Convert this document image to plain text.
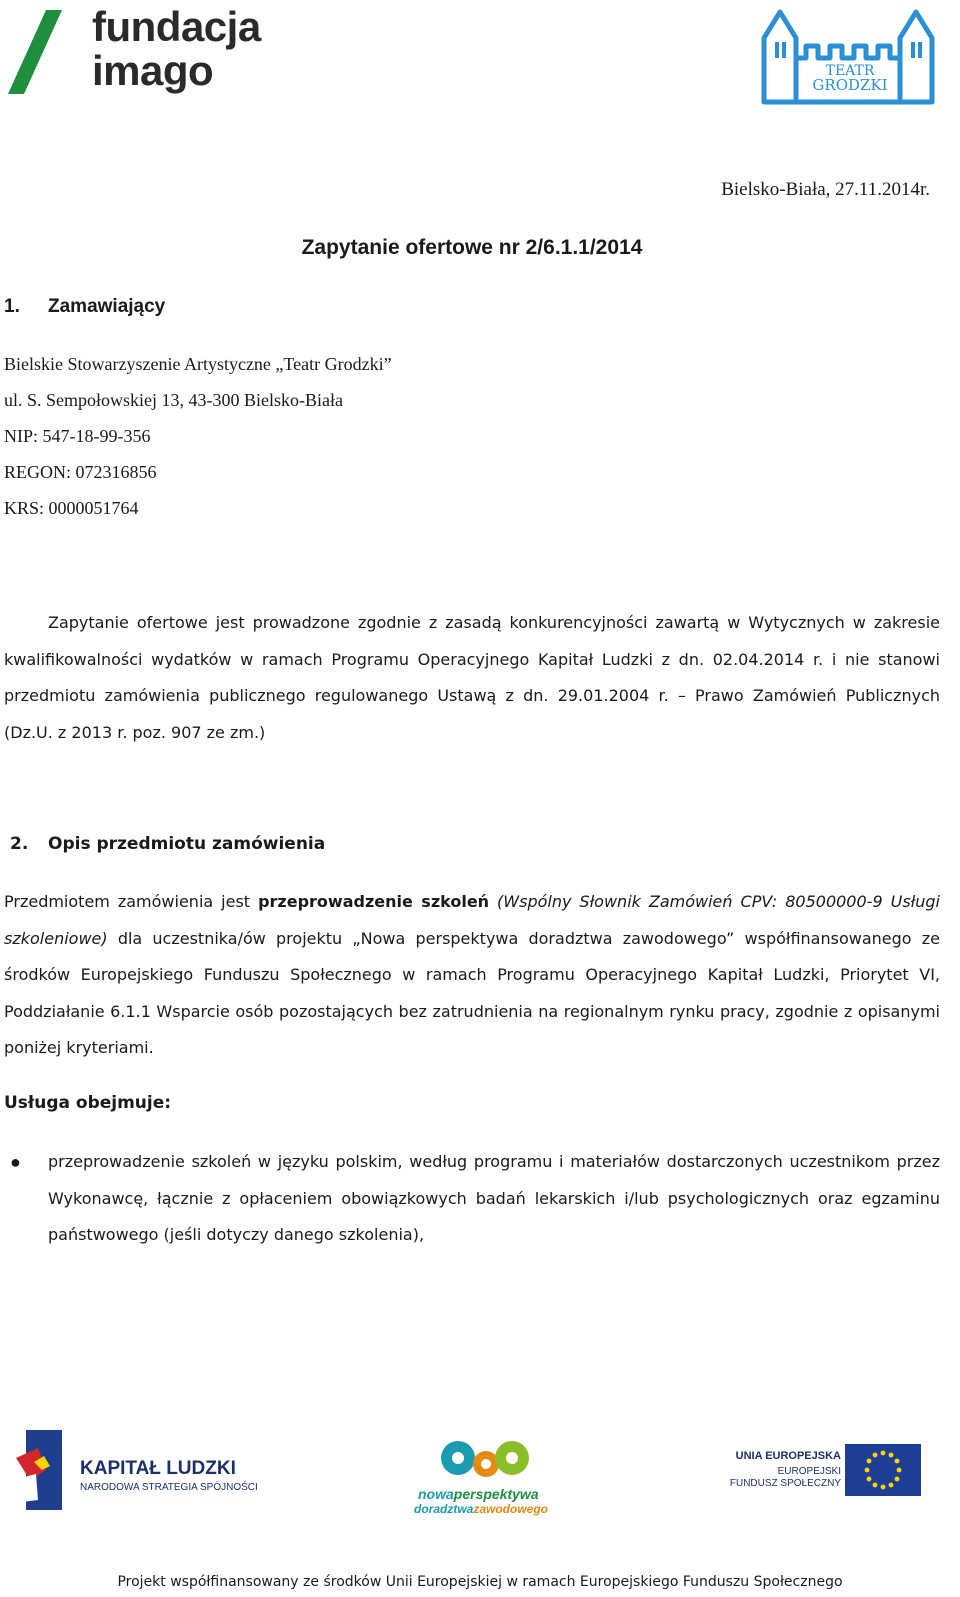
fundacja
imago	TEATR
GRODZKI
Bielsko-Biała, 27.11.2014r.
Zapytanie ofertowe nr 2/6.1.1/2014
1. Zamawiający
Bielskie Stowarzyszenie Artystyczne „Teatr Grodzki”
ul. S. Sempołowskiej 13, 43-300 Bielsko-Biała
NIP: 547-18-99-356
REGON: 072316856
KRS: 0000051764
Zapytanie ofertowe jest prowadzone zgodnie z zasadą konkurencyjności zawartą w Wytycznych w zakresie kwalifikowalności wydatków w ramach Programu Operacyjnego Kapitał Ludzki z dn. 02.04.2014 r. i nie stanowi przedmiotu zamówienia publicznego regulowanego Ustawą z dn. 29.01.2004 r. – Prawo Zamówień Publicznych (Dz.U. z 2013 r. poz. 907 ze zm.)
2. Opis przedmiotu zamówienia
Przedmiotem zamówienia jest przeprowadzenie szkoleń (Wspólny Słownik Zamówień CPV: 80500000-9 Usługi szkoleniowe) dla uczestnika/ów projektu „Nowa perspektywa doradztwa zawodowego” współfinansowanego ze środków Europejskiego Funduszu Społecznego w ramach Programu Operacyjnego Kapitał Ludzki, Priorytet VI, Poddziałanie 6.1.1 Wsparcie osób pozostających bez zatrudnienia na regionalnym rynku pracy, zgodnie z opisanymi poniżej kryteriami.
Usługa obejmuje:
● przeprowadzenie szkoleń w języku polskim, według programu i materiałów dostarczonych uczestnikom przez Wykonawcę, łącznie z opłaceniem obowiązkowych badań lekarskich i/lub psychologicznych oraz egzaminu państwowego (jeśli dotyczy danego szkolenia),
KAPITAŁ LUDZKI
NARODOWA STRATEGIA SPÓJNOŚCI	nowaperspektywa
doradztwazawodowego
UNIA EUROPEJSKA
EUROPEJSKI
FUNDUSZ SPOŁECZNY
Projekt współfinansowany ze środków Unii Europejskiej w ramach Europejskiego Funduszu Społecznego
